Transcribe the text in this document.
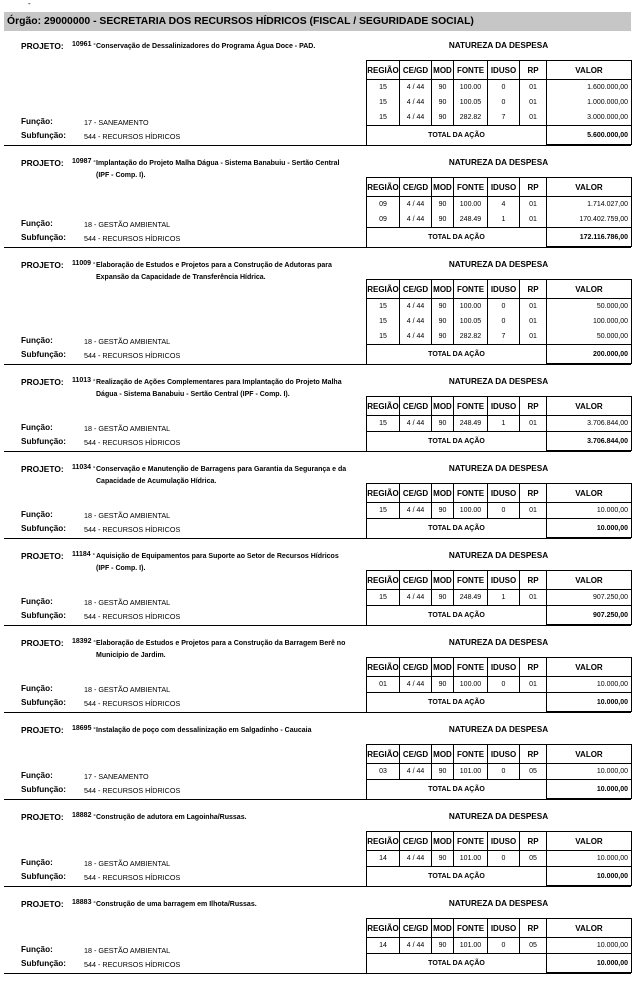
-
Órgão: 29000000 - SECRETARIA DOS RECURSOS HÍDRICOS (FISCAL / SEGURIDADE SOCIAL)
PROJETO: 10961 - Conservação de Dessalinizadores do Programa Água Doce - PAD.	NATUREZA DA DESPESA
Função:	17 - SANEAMENTO
Subfunção: 544 - RECURSOS HÍDRICOS
REGIÃO	CE/GD	MOD	FONTE	IDUSO	RP	VALOR
15	4 / 44	90	100.00	0	01	1.600.000,00
15	4 / 44	90	100.05	0	01	1.000.000,00
15	4 / 44	90	282.82	7	01	3.000.000,00
TOTAL DA AÇÃO						5.600.000,00
PROJETO: 10987 - Implantação do Projeto Malha Dágua - Sistema Banabuiu - Sertão Central (IPF - Comp. I).
NATUREZA DA DESPESA
Função:	18 - GESTÃO AMBIENTAL
Subfunção: 544 - RECURSOS HÍDRICOS
REGIÃO	CE/GD	MOD	FONTE	IDUSO	RP	VALOR
09	4 / 44	90	100.00	4	01	1.714.027,00
09	4 / 44	90	248.49	1	01	170.402.759,00
TOTAL DA AÇÃO						172.116.786,00
PROJETO: 11009 - Elaboração de Estudos e Projetos para a Construção de Adutoras para Expansão da Capacidade de Transferência Hídrica.
NATUREZA DA DESPESA
Função:	18 - GESTÃO AMBIENTAL
Subfunção: 544 - RECURSOS HÍDRICOS
REGIÃO	CE/GD	MOD	FONTE	IDUSO	RP	VALOR
15	4 / 44	90	100.00	0	01	50.000,00
15	4 / 44	90	100.05	0	01	100.000,00
15	4 / 44	90	282.82	7	01	50.000,00
TOTAL DA AÇÃO						200.000,00
PROJETO: 11013 - Realização de Ações Complementares para Implantação do Projeto Malha Dágua - Sistema Banabuiu - Sertão Central (IPF - Comp. I).
NATUREZA DA DESPESA
Função:	18 - GESTÃO AMBIENTAL
Subfunção: 544 - RECURSOS HÍDRICOS
REGIÃO	CE/GD	MOD	FONTE	IDUSO	RP	VALOR
15	4 / 44	90	248.49	1	01	3.706.844,00
TOTAL DA AÇÃO						3.706.844,00
PROJETO: 11034 - Conservação e Manutenção de Barragens para Garantia da Segurança e da Capacidade de Acumulação Hídrica.
NATUREZA DA DESPESA
Função:	18 - GESTÃO AMBIENTAL
Subfunção: 544 - RECURSOS HÍDRICOS
REGIÃO	CE/GD	MOD	FONTE	IDUSO	RP	VALOR
15	4 / 44	90	100.00	0	01	10.000,00
TOTAL DA AÇÃO						10.000,00
PROJETO: 11184 - Aquisição de Equipamentos para Suporte ao Setor de Recursos Hídricos (IPF - Comp. I).
NATUREZA DA DESPESA
Função:	18 - GESTÃO AMBIENTAL
Subfunção: 544 - RECURSOS HÍDRICOS
REGIÃO	CE/GD	MOD	FONTE	IDUSO	RP	VALOR
15	4 / 44	90	248.49	1	01	907.250,00
TOTAL DA AÇÃO						907.250,00
PROJETO: 18392 - Elaboração de Estudos e Projetos para a Construção da Barragem Berê no Município de Jardim.
NATUREZA DA DESPESA
Função:	18 - GESTÃO AMBIENTAL
Subfunção: 544 - RECURSOS HÍDRICOS
REGIÃO	CE/GD	MOD	FONTE	IDUSO	RP	VALOR
01	4 / 44	90	100.00	0	01	10.000,00
TOTAL DA AÇÃO						10.000,00
PROJETO: 18695 - Instalação de poço com dessalinização em Salgadinho - Caucaia	NATUREZA DA DESPESA
Função:	17 - SANEAMENTO
Subfunção: 544 - RECURSOS HÍDRICOS
REGIÃO	CE/GD	MOD	FONTE	IDUSO	RP	VALOR
03	4 / 44	90	101.00	0	05	10.000,00
TOTAL DA AÇÃO						10.000,00
PROJETO: 18882 - Construção de adutora em Lagoinha/Russas.	NATUREZA DA DESPESA
Função:	18 - GESTÃO AMBIENTAL
Subfunção: 544 - RECURSOS HÍDRICOS
REGIÃO	CE/GD	MOD	FONTE	IDUSO	RP	VALOR
14	4 / 44	90	101.00	0	05	10.000,00
TOTAL DA AÇÃO						10.000,00
PROJETO: 18883 - Construção de uma barragem em Ilhota/Russas.	NATUREZA DA DESPESA
Função:	18 - GESTÃO AMBIENTAL
Subfunção: 544 - RECURSOS HÍDRICOS
REGIÃO	CE/GD	MOD	FONTE	IDUSO	RP	VALOR
14	4 / 44	90	101.00	0	05	10.000,00
TOTAL DA AÇÃO						10.000,00
